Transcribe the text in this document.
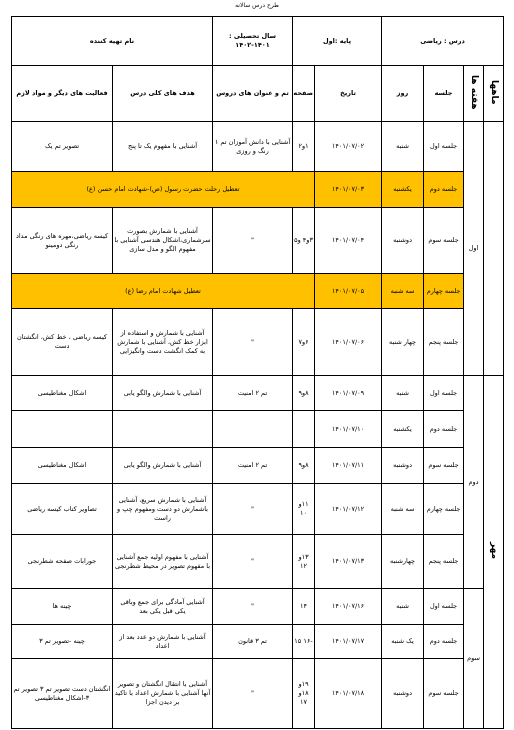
طرح درس سالانه
درس : ریاضی				پایه :اول		سال تحصیلی :
۱۴۰۲-۱۴۰۱	نام تهیه کننده	
ماهها	هفته ها	جلسه	روز	تاریخ	صفحه	تم و عنوان های دروس	هدف های کلی درس	فعالیت های دیگر و مواد لازم
	اول	جلسه اول	شنبه	۱۴۰۱/۰۷/۰۲	۱و۲	آشنایی با دانش آموزان تم ۱ رنگ و روزی	آشنایی با مفهوم یک تا پنج	تصویر تم یک
		جلسه دوم	یکشنبه	۱۴۰۱/۰۷/۰۳	تعطیل رحلت حضرت رسول (ص)-شهادت امام حسن (ع)			
		جلسه سوم	دوشنبه	۱۴۰۱/۰۷/۰۴	۳و۴ و۵	"	آشنایی با شمارش بصورت سرشماری،اشکال هندسی آشنایی با مفهوم الگو و مدل سازی	کیسه ریاضی،مهره های رنگی مداد رنگی دومینو
		جلسه چهارم	سه شنبه	۱۴۰۱/۰۷/۰۵	تعطیل شهادت امام رضا (ع)			
		جلسه پنجم	چهار شنبه	۱۴۰۱/۰۷/۰۶	۶و۷	"	آشنایی با شمارش و استفاده از ابزار خط کش، آشنایی با شمارش به کمک انگشت دست وانگیزایی	کیسه ریاضی ، خط کش، انگشتان دست
مهر	دوم	جلسه اول	شنبه	۱۴۰۱/۰۷/۰۹	۸و۹	تم ۲ امنیت	آشنایی با شمارش والگو یابی	اشکال مغناطیسی
		جلسه دوم	یکشنبه	۱۴۰۱/۰۷/۱۰				
		جلسه سوم	دوشنبه	۱۴۰۱/۰۷/۱۱	۸و۹	تم ۲ امنیت	آشنایی با شمارش والگو یابی	اشکال مغناطیسی
		جلسه چهارم	سه شنبه	۱۴۰۱/۰۷/۱۲	۱۱و ۱۰	"	آشنایی با شمارش سریع، آشنایی باشمارش دو دست ومفهوم چپ و راست	تصاویر کتاب کیسه ریاضی
		جلسه پنجم	چهارشنبه	۱۴۰۱/۰۷/۱۳	۱۳و ۱۲	"	آشنایی با مفهوم اولیه جمع آشنایی با مفهوم تصویر در محیط شطرنجی	جورابات صفحه شطرنجی
	سوم	جلسه اول	شنبه	۱۴۰۱/۰۷/۱۶	۱۴	"	آشنایی آمادگی برای جمع وباقی یکی قبل یکی بعد	چینه ها
		جلسه دوم	یک شنبه	۱۴۰۱/۰۷/۱۷	-۱۶ ۱۵	تم ۳ قانون	آشنایی با شمارش دو عدد بعد از اعداد	چینه -تصویر تم ۳
		جلسه سوم	دوشنبه	۱۴۰۱/۰۷/۱۸	۱۹و ۱۸و ۱۷	"	آشنایی با انتقال انگشتان و تصویر آنها آشنایی با شمارش اعداد با تاکید بر دیدن اجزا	انگشتان دست تصویر تم ۳ تصویر تم ۳-اشکال مغناطیسی
